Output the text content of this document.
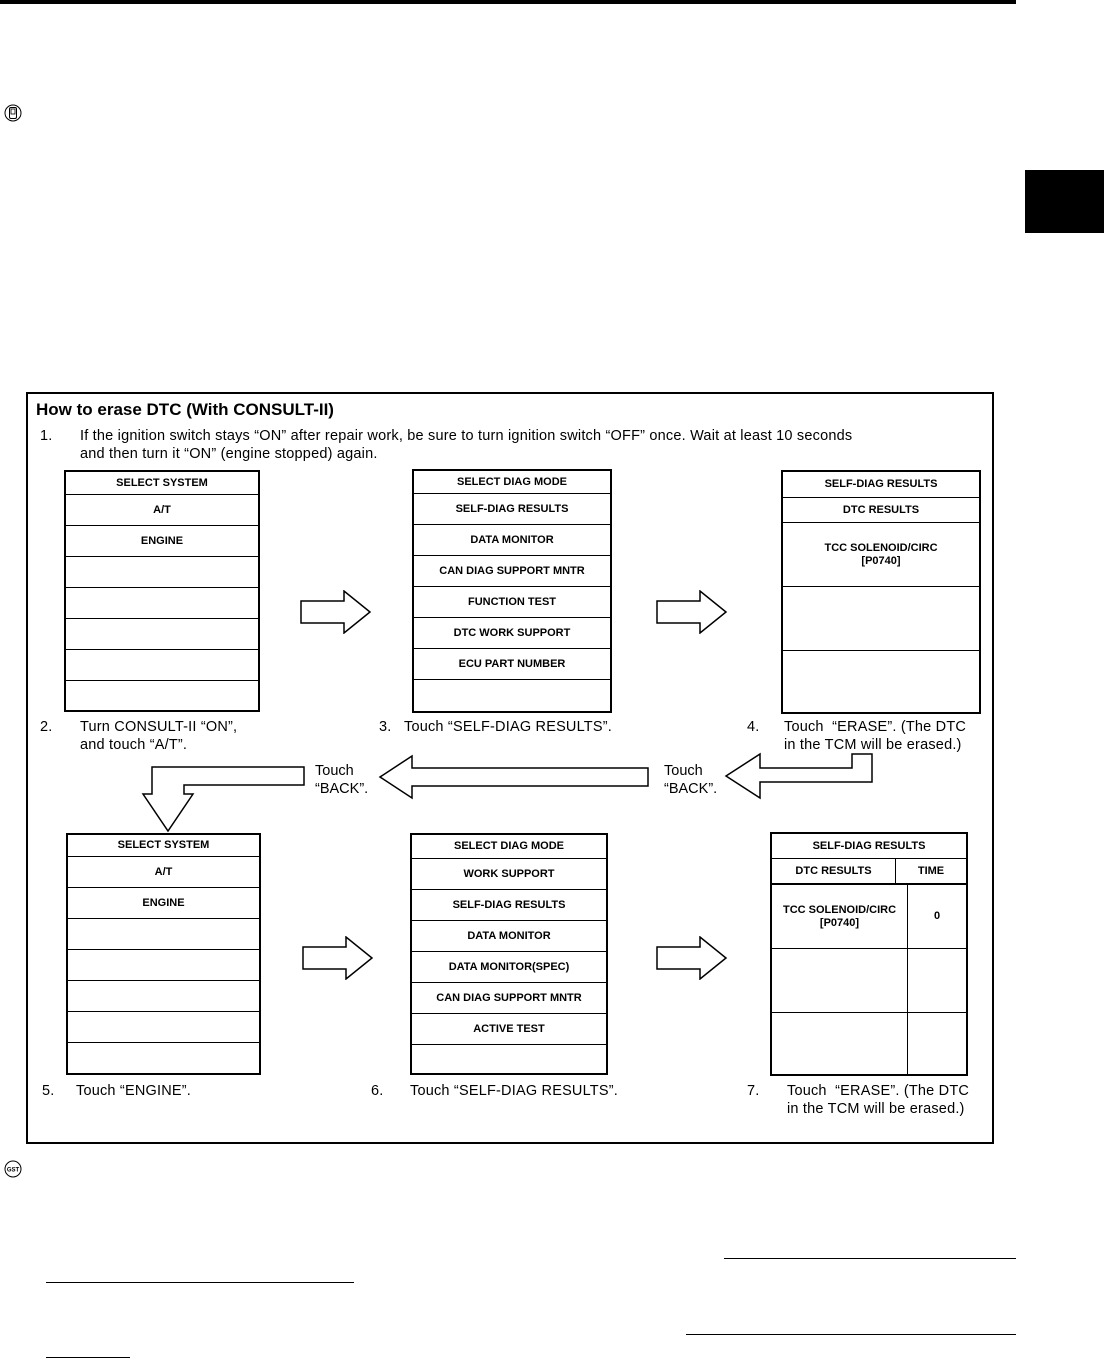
GST
How to erase DTC (With CONSULT-II)
1. If the ignition switch stays “ON” after repair work, be sure to turn ignition switch “OFF” once. Wait at least 10 seconds
and then turn it “ON” (engine stopped) again.
SELECT SYSTEM
A/T
ENGINE
SELECT DIAG MODE
SELF-DIAG RESULTS
DATA MONITOR
CAN DIAG SUPPORT MNTR
FUNCTION TEST
DTC WORK SUPPORT
ECU PART NUMBER
SELF-DIAG RESULTS
DTC RESULTS
TCC SOLENOID/CIRC
[P0740]
2. Turn CONSULT-II “ON”,
and touch “A/T”.
3. Touch “SELF-DIAG RESULTS”.	4. Touch  “ERASE”. (The DTC
in the TCM will be erased.)
Touch
“BACK”.
Touch
“BACK”.
SELECT SYSTEM
A/T
ENGINE
SELECT DIAG MODE
WORK SUPPORT
SELF-DIAG RESULTS
DATA MONITOR
DATA MONITOR(SPEC)
CAN DIAG SUPPORT MNTR
ACTIVE TEST
SELF-DIAG RESULTS
DTC RESULTS	TIME
TCC SOLENOID/CIRC
[P0740]
0
5. Touch “ENGINE”.	6. Touch “SELF-DIAG RESULTS”.	7. Touch  “ERASE”. (The DTC
in the TCM will be erased.)
